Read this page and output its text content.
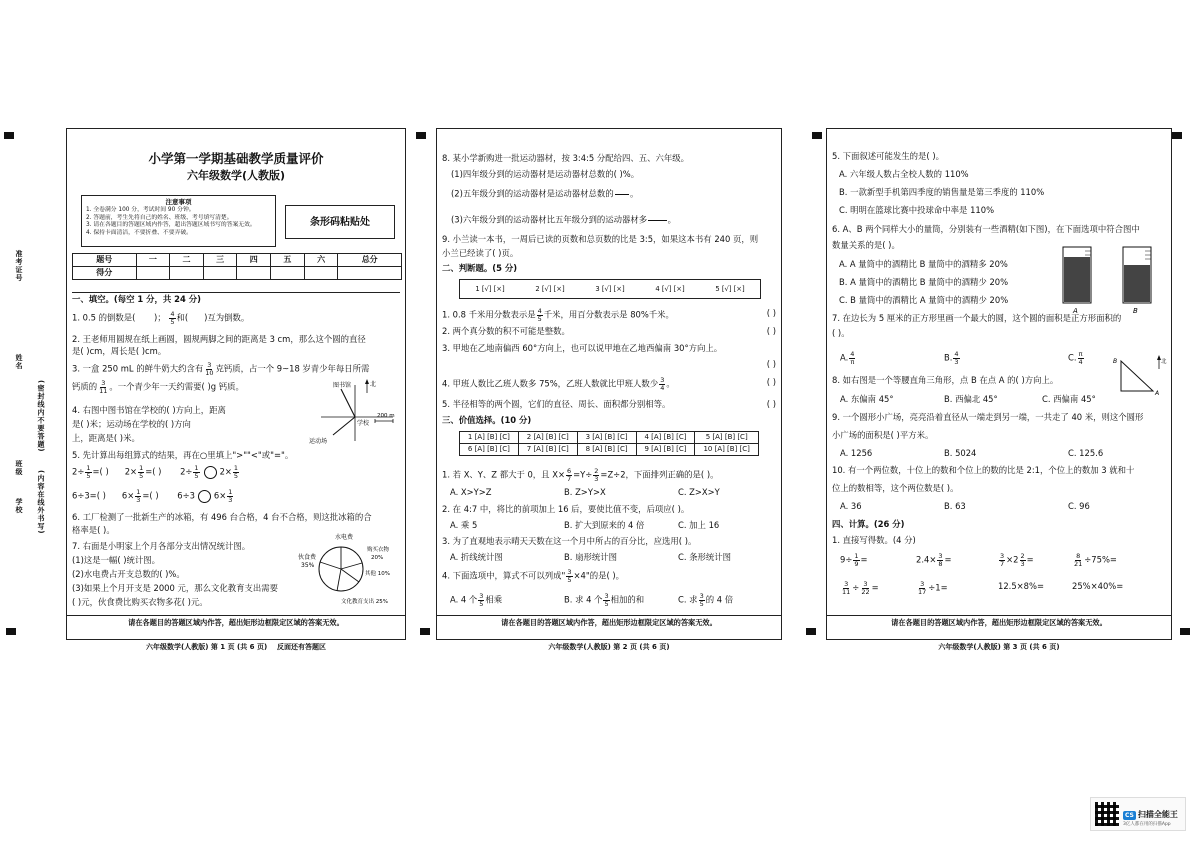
准考证号
姓名
班级
学校
(密封线内不要答题)
(内容在线外书写)
小学第一学期基础教学质量评价
六年级数学(人教版)
注意事项
1. 全卷满分 100 分，考试时间 90 分钟。
2. 答题前，考生先将自己的姓名、班级、考号填写清楚。
3. 请在各题目的答题区域内作答，超出答题区域书写的答案无效。
4. 保持卡面清洁，不要折叠、不要弄破。
条形码粘贴处
题号	一	二	三	四	五	六	总分
得分							
一、填空。(每空 1 分，共 24 分)
1. 0.5 的倒数是( )； $\frac{4}{5}$ 和( )互为倒数。
2. 王老师用圆规在纸上画圆，圆规两脚之间的距离是 3 cm，那么这个圆的直径
是( )cm，周长是( )cm。
3. 一盒 250 mL 的鲜牛奶大约含有 $\frac{3}{10}$ 克钙质，占一个 9~18 岁青少年每日所需
钙质的 $\frac{3}{11}$ 。一个青少年一天约需要( )g 钙质。
4. 右图中图书馆在学校的( )方向上，距离
是( )米；运动场在学校的( )方向
上，距离是( )米。
图书馆	北
学校
运动场
200 m
5. 先计算出每组算式的结果，再在○里填上">""<"或"="。
$2\div \frac{1}{5}$ =( ) $2\times \frac{1}{5}$ =( ) $2\div \frac{1}{5} 2\times \frac{1}{5}$
6÷3=( ) $6\times \frac{1}{3}$ =( ) 6÷3 $6\times \frac{1}{3}$
6. 工厂检测了一批新生产的冰箱，有 496 台合格，4 台不合格，则这批冰箱的合
格率是( )。
7. 右面是小明家上个月各部分支出情况统计图。
(1)这是一幅( )统计图。
(2)水电费占开支总数的( )%。
(3)如果上个月开支是 2000 元，那么文化教育支出需要
( )元，伙食费比购买衣物多花( )元。
水电费
伙食费
35%
购买衣物
20%
其他 10%
文化教育支出 25%
请在各题目的答题区域内作答，超出矩形边框限定区域的答案无效。
六年级数学(人教版) 第 1 页 (共 6 页) 反面还有答题区
8. 某小学新购进一批运动器材，按 3:4:5 分配给四、五、六年级。
(1)四年级分到的运动器材是运动器材总数的( )%。
(2)五年级分到的运动器材是运动器材总数的

。
(3)六年级分到的运动器材比五年级分到的运动器材多

。
9. 小兰读一本书，一周后已读的页数和总页数的比是 3:5，如果这本书有 240 页，则
小兰已经读了( )页。
二、判断题。(5 分)
1 [√] [×]	2 [√] [×]	3 [√] [×]	4 [√] [×]	5 [√] [×]
1. 0.8 千米用分数表示是 $\frac{4}{5}$ 千米，用百分数表示是 80%千米。	( )
2. 两个真分数的积不可能是整数。	( )
3. 甲地在乙地南偏西 60°方向上，也可以说甲地在乙地西偏南 30°方向上。
( )
4. 甲班人数比乙班人数多 75%，乙班人数就比甲班人数少 $\frac{3}{4}$ 。	( )
5. 半径相等的两个圆，它们的直径、周长、面积都分别相等。	( )
三、价值选择。(10 分)
1 [A] [B] [C]	2 [A] [B] [C]	3 [A] [B] [C]	4 [A] [B] [C]	5 [A] [B] [C]
6 [A] [B] [C]	7 [A] [B] [C]	8 [A] [B] [C]	9 [A] [B] [C]	10 [A] [B] [C]
1. 若 X、Y、Z 都大于 0，且 $X\times \frac{6}{7} =Y\div \frac{2}{3} =Z\div 2$，下面排列正确的是( )。
A. X>Y>Z	B. Z>Y>X	C. Z>X>Y
2. 在 4:7 中，将比的前项加上 16 后，要使比值不变，后项应( )。
A. 乘 5	B. 扩大到原来的 4 倍	C. 加上 16
3. 为了直观地表示晴天天数在这一个月中所占的百分比，应选用( )。
A. 折线统计图	B. 扇形统计图	C. 条形统计图
4. 下面选项中，算式不可以列成" $\frac{3}{5} \times 4$"的是( )。
A. 4 个 $\frac{3}{5}$ 相乘	B. 求 4 个 $\frac{3}{5}$ 相加的和	C. 求 $\frac{3}{5}$ 的 4 倍
请在各题目的答题区域内作答，超出矩形边框限定区域的答案无效。
六年级数学(人教版) 第 2 页 (共 6 页)
5. 下面叙述可能发生的是( )。
A. 六年级人数占全校人数的 110%
B. 一款新型手机第四季度的销售量是第三季度的 110%
C. 明明在篮球比赛中投球命中率是 110%
6. A、B 两个同样大小的量筒，分别装有一些酒精(如下图)，在下面选项中符合图中
数量关系的是( )。
A. A 量筒中的酒精比 B 量筒中的酒精多 20%
B. A 量筒中的酒精比 B 量筒中的酒精少 20%
C. B 量筒中的酒精比 A 量筒中的酒精少 20%
A	B
7. 在边长为 5 厘米的正方形里画一个最大的圆，这个圆的面积是正方形面积的
( )。
A. $\frac{4}{\pi}$	B. $\frac{4}{3}$	C. $\frac{\pi}{4}$	B
A
北
8. 如右图是一个等腰直角三角形，点 B 在点 A 的( )方向上。
A. 东偏南 45°	B. 西偏北 45°	C. 西偏南 45°
9. 一个圆形小广场，亮亮沿着直径从一端走到另一端，一共走了 40 米，则这个圆形
小广场的面积是( )平方米。
A. 1256	B. 5024	C. 125.6
10. 有一个两位数，十位上的数和个位上的数的比是 2:1，个位上的数加 3 就和十
位上的数相等，这个两位数是( )。
A. 36	B. 63	C. 96
四、计算。(26 分)
1. 直接写得数。(4 分)
$9\div \frac{1}{9}$ =	$2.4\times \frac{3}{8}$ =	$\frac{3}{7} \times 2 \frac{2}{3}$ =	$\frac{8}{21} \div 75\%=$
$\frac{3}{11} \div \frac{3}{22}$ =	$\frac{3}{17} \div 1=$	12.5×8%=	25%×40%=
请在各题目的答题区域内作答，超出矩形边框限定区域的答案无效。
六年级数学(人教版) 第 3 页 (共 6 页)
CS 扫描全能王
3亿人都在用的扫描App
